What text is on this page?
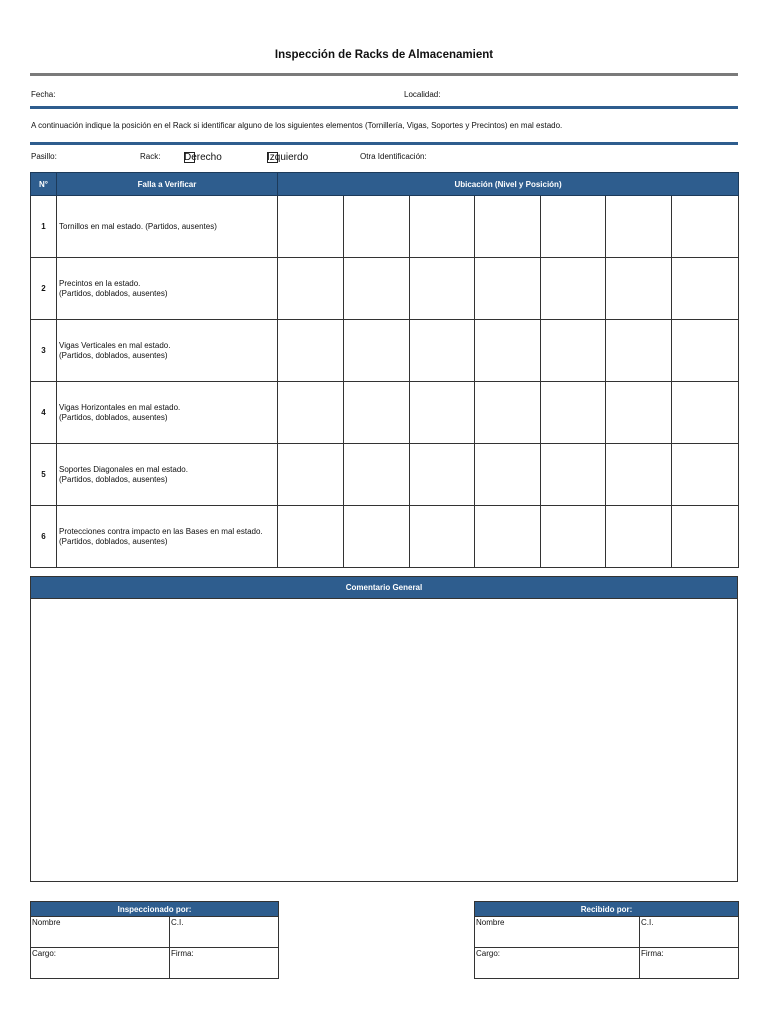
Inspección de Racks de Almacenamient
Fecha:	Localidad:
A continuación indique la posición en el Rack si identificar alguno de los siguientes elementos (Tornillería, Vigas, Soportes y Precintos) en mal estado.
Pasillo:	Rack: Derecho	Izquierdo	Otra Identificación:
N°	Falla a Verificar	Ubicación (Nivel y Posición)						
1	Tornillos en mal estado. (Partidos, ausentes)							
2	Precintos en la estado.
(Partidos, doblados, ausentes)							
3	Vigas Verticales en mal estado.
(Partidos, doblados, ausentes)							
4	Vigas Horizontales en mal estado.
(Partidos, doblados, ausentes)							
5	Soportes Diagonales en mal estado.
(Partidos, doblados, ausentes)							
6	Protecciones contra impacto en las Bases en mal estado.
(Partidos, doblados, ausentes)							
Comentario General
Inspeccionado por:	
Nombre	C.I.
Cargo:	Firma:
Recibido por:	
Nombre	C.I.
Cargo:	Firma:
